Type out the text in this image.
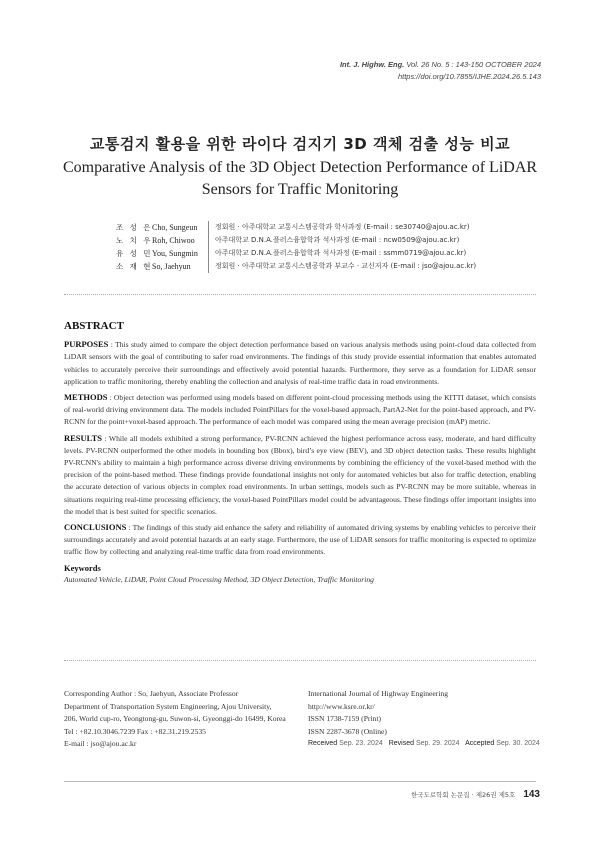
Int. J. Highw. Eng. Vol. 26 No. 5 : 143-150 OCTOBER 2024
https://doi.org/10.7855/IJHE.2024.26.5.143
교통검지 활용을 위한 라이다 검지기 3D 객체 검출 성능 비교
Comparative Analysis of the 3D Object Detection Performance of LiDAR Sensors for Traffic Monitoring
조 성 은 Cho, Sungeun	정회원 · 아주대학교 교통시스템공학과 학사과정 (E-mail : se30740@ajou.ac.kr)
노 치 우 Roh, Chiwoo	아주대학교 D.N.A.플러스융합학과 석사과정 (E-mail : ncw0509@ajou.ac.kr)
유 성 민 You, Sungmin	아주대학교 D.N.A.플러스융합학과 석사과정 (E-mail : ssmm0719@ajou.ac.kr)
소 재 현 So, Jaehyun	정회원 · 아주대학교 교통시스템공학과 부교수 · 교신저자 (E-mail : jso@ajou.ac.kr)
ABSTRACT

PURPOSES : This study aimed to compare the object detection performance based on various analysis methods using point-cloud data collected from LiDAR sensors with the goal of contributing to safer road environments. The findings of this study provide essential information that enables automated vehicles to accurately perceive their surroundings and effectively avoid potential hazards. Furthermore, they serve as a foundation for LiDAR sensor application to traffic monitoring, thereby enabling the collection and analysis of real-time traffic data in road environments.

METHODS : Object detection was performed using models based on different point-cloud processing methods using the KITTI dataset, which consists of real-world driving environment data. The models included PointPillars for the voxel-based approach, PartA2-Net for the point-based approach, and PV-RCNN for the point+voxel-based approach. The performance of each model was compared using the mean average precision (mAP) metric.

RESULTS : While all models exhibited a strong performance, PV-RCNN achieved the highest performance across easy, moderate, and hard difficulty levels. PV-RCNN outperformed the other models in bounding box (Bbox), bird’s eye view (BEV), and 3D object detection tasks. These results highlight PV-RCNN's ability to maintain a high performance across diverse driving environments by combining the efficiency of the voxel-based method with the precision of the point-based method. These findings provide foundational insights not only for automated vehicles but also for traffic detection, enabling the accurate detection of various objects in complex road environments. In urban settings, models such as PV-RCNN may be more suitable, whereas in situations requiring real-time processing efficiency, the voxel-based PointPillars model could be advantageous. These findings offer important insights into the model that is best suited for specific scenarios.

CONCLUSIONS : The findings of this study aid enhance the safety and reliability of automated driving systems by enabling vehicles to perceive their surroundings accurately and avoid potential hazards at an early stage. Furthermore, the use of LiDAR sensors for traffic monitoring is expected to optimize traffic flow by collecting and analyzing real-time traffic data from road environments.

Keywords
Automated Vehicle, LiDAR, Point Cloud Processing Method, 3D Object Detection, Traffic Monitoring
Corresponding Author : So, Jaehyun, Associate Professor
Department of Transportation System Engineering, Ajou University,
206, World cup-ro, Yeongtong-gu, Suwon-si, Gyeonggi-do 16499, Korea
Tel : +82.10.3046.7239 Fax : +82.31.219.2535
E-mail : jso@ajou.ac.kr
International Journal of Highway Engineering
http://www.ksre.or.kr/
ISSN 1738-7159 (Print)
ISSN 2287-3678 (Online)
Received Sep. 23. 2024 Revised Sep. 29. 2024 Accepted Sep. 30. 2024
한국도로학회 논문집 · 제26권 제5호 143
